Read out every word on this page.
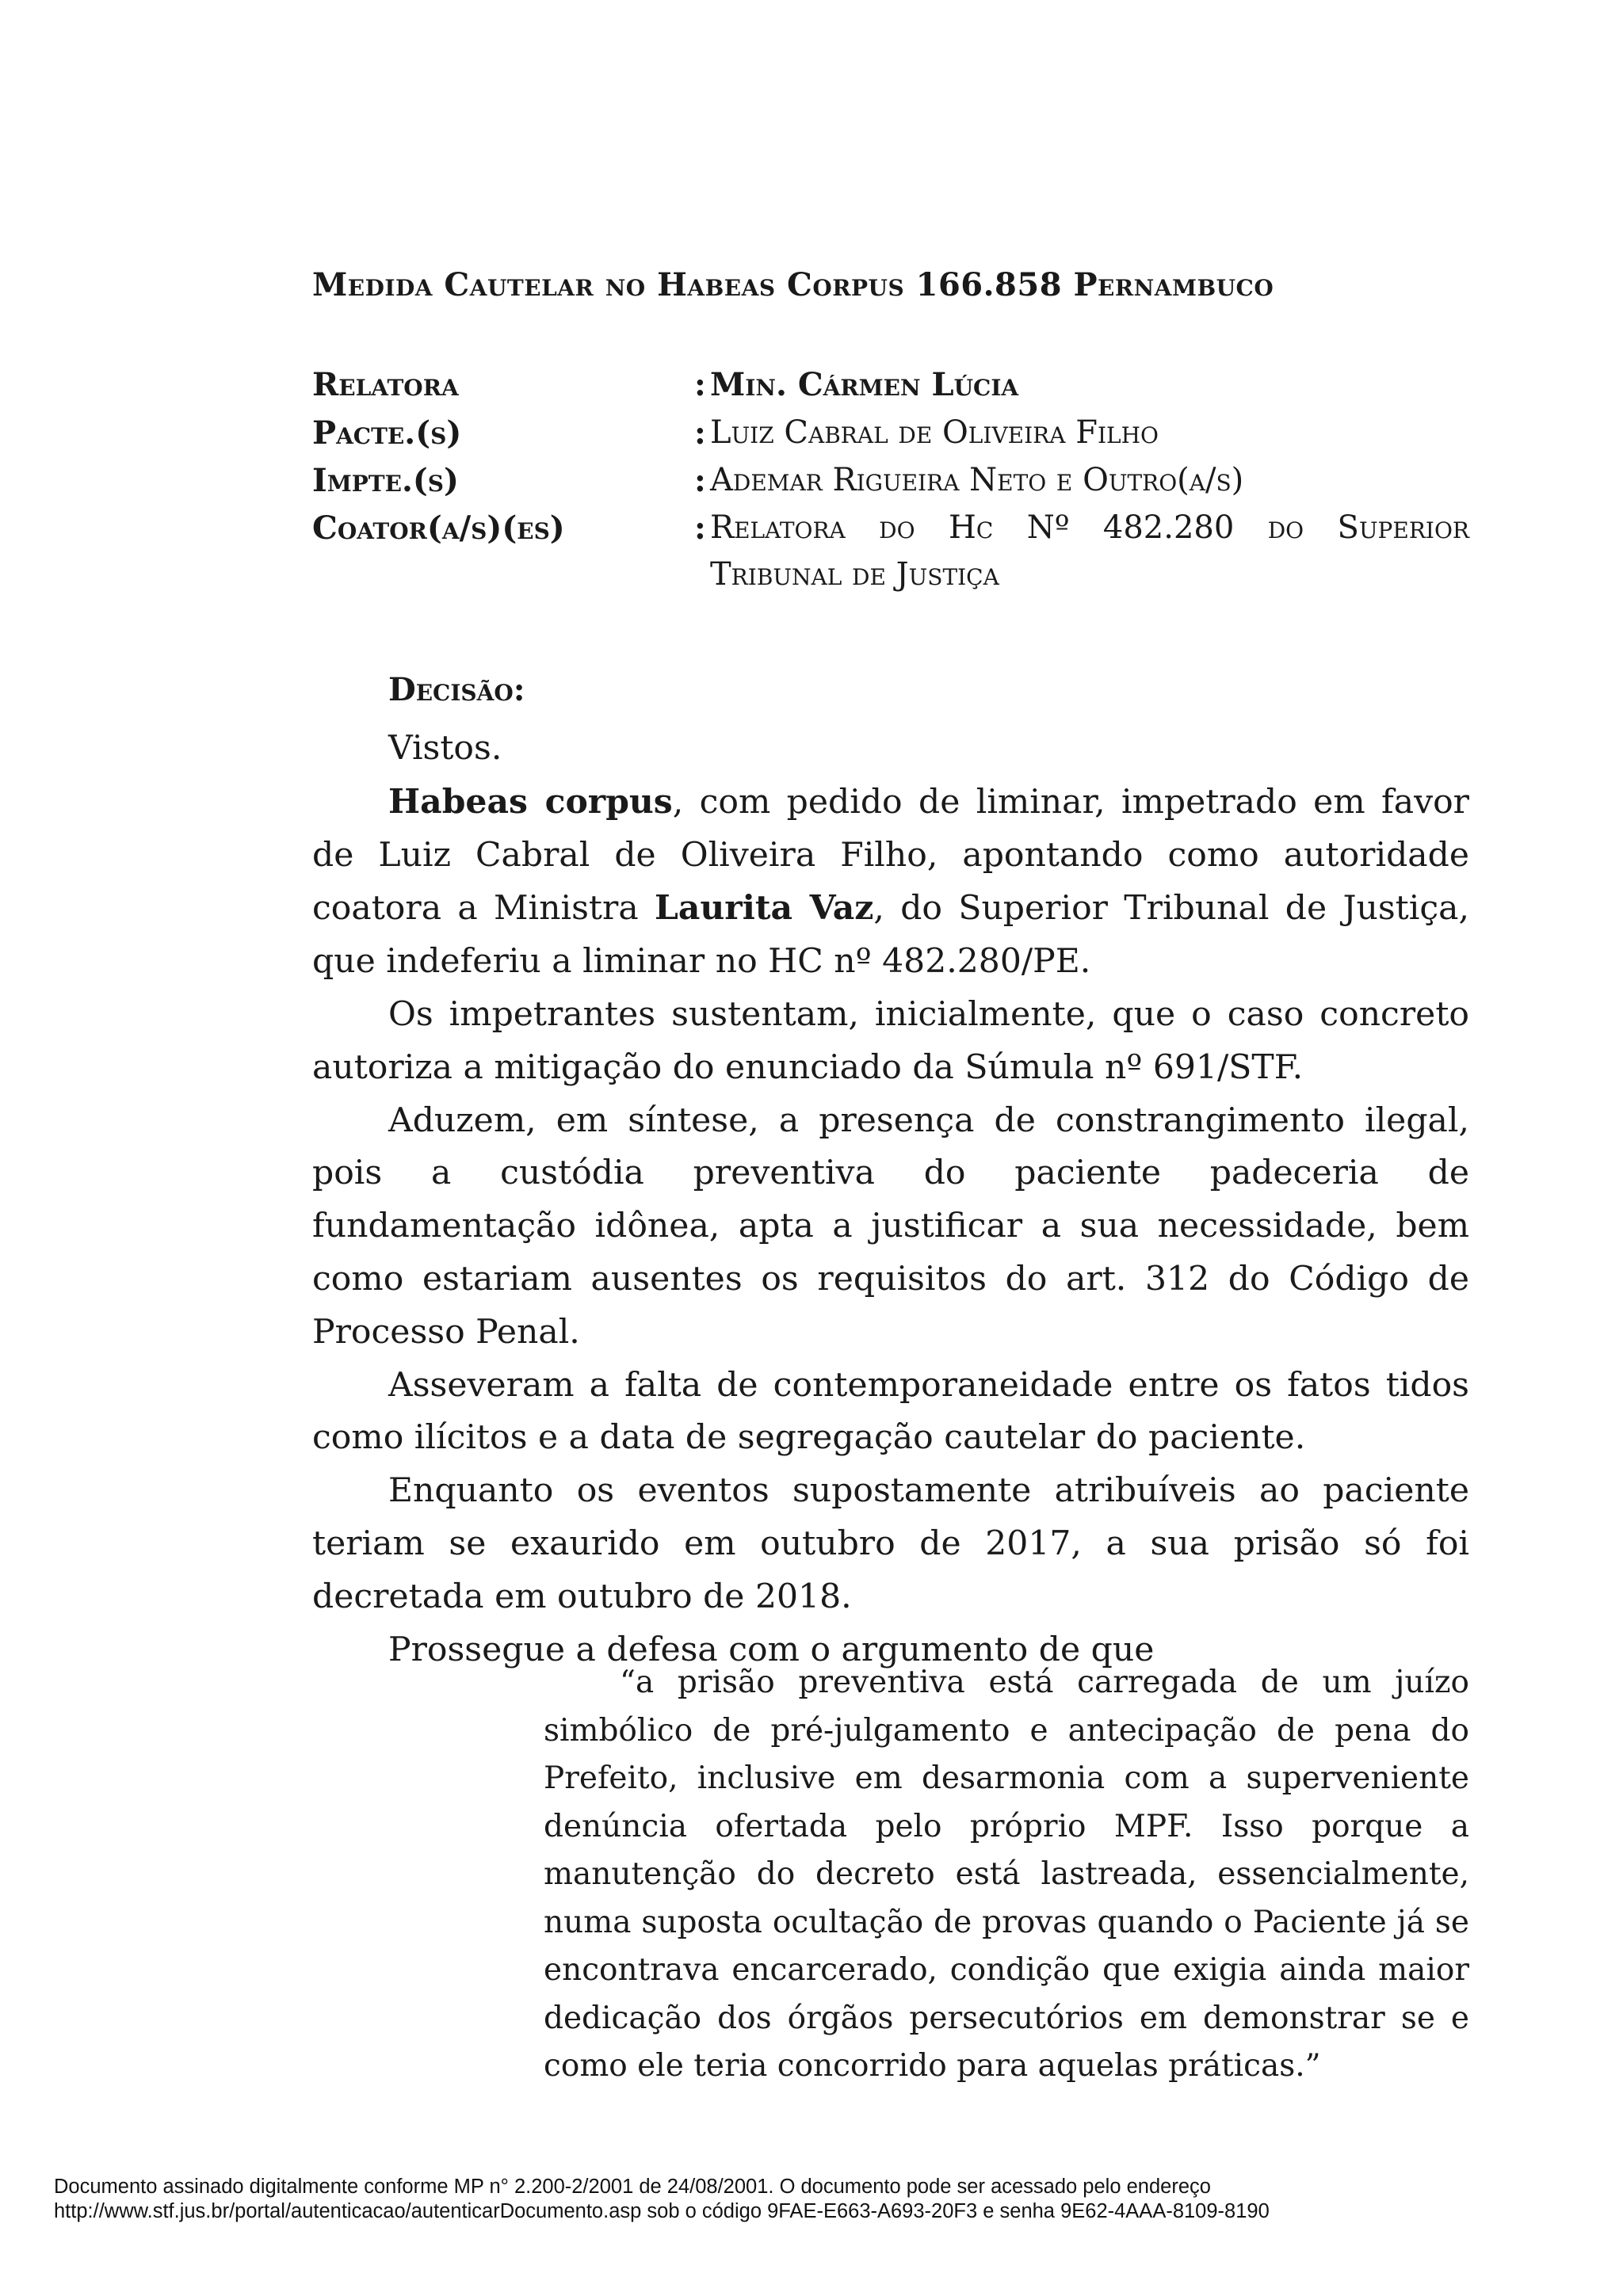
Medida Cautelar no Habeas Corpus 166.858 Pernambuco
Relatora	: Min. Cármen Lúcia
Pacte.(s)	: Luiz Cabral de Oliveira Filho
Impte.(s)	: Ademar Rigueira Neto e Outro(a/s)
Coator(a/s)(es)	: Relatora do Hc Nº 482.280 do Superior
Tribunal de Justiça
Decisão:

Vistos.

Habeas corpus, com pedido de liminar, impetrado em favor de Luiz Cabral de Oliveira Filho, apontando como autoridade coatora a Ministra Laurita Vaz, do Superior Tribunal de Justiça, que indeferiu a liminar no HC nº 482.280/PE.

Os impetrantes sustentam, inicialmente, que o caso concreto autoriza a mitigação do enunciado da Súmula nº 691/STF.

Aduzem, em síntese, a presença de constrangimento ilegal, pois a custódia preventiva do paciente padeceria de fundamentação idônea, apta a justificar a sua necessidade, bem como estariam ausentes os requisitos do art. 312 do Código de Processo Penal.

Asseveram a falta de contemporaneidade entre os fatos tidos como ilícitos e a data de segregação cautelar do paciente.

Enquanto os eventos supostamente atribuíveis ao paciente teriam se exaurido em outubro de 2017, a sua prisão só foi decretada em outubro de 2018.

Prossegue a defesa com o argumento de que

“a prisão preventiva está carregada de um juízo simbólico de pré-julgamento e antecipação de pena do Prefeito, inclusive em desarmonia com a superveniente denúncia ofertada pelo próprio MPF. Isso porque a manutenção do decreto está lastreada, essencialmente, numa suposta ocultação de provas quando o Paciente já se encontrava encarcerado, condição que exigia ainda maior dedicação dos órgãos persecutórios em demonstrar se e como ele teria concorrido para aquelas práticas.”

Documento assinado digitalmente conforme MP n° 2.200-2/2001 de 24/08/2001. O documento pode ser acessado pelo endereço
http://www.stf.jus.br/portal/autenticacao/autenticarDocumento.asp sob o código 9FAE-E663-A693-20F3 e senha 9E62-4AAA-8109-8190
